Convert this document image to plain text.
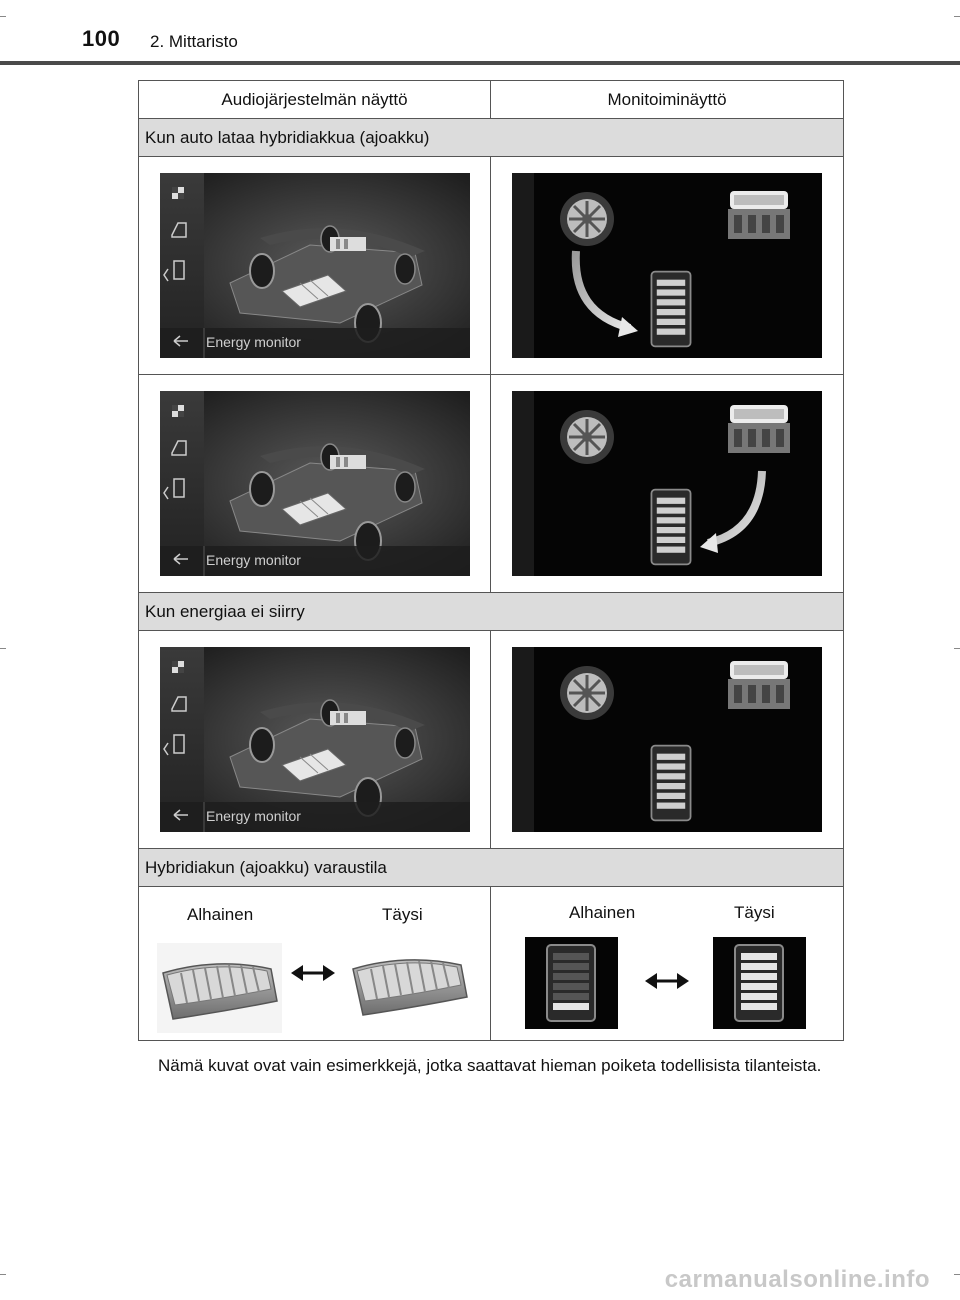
100 2. Mittaristo
Audiojärjestelmän näyttö	Monitoiminäyttö
Kun auto lataa hybridiakkua (ajoakku)	

Energy monitor

Energy monitor

Kun energiaa ei siirry	

Energy monitor

Hybridiakun (ajoakku) varaustila	

Alhainen Täysi	Alhainen Täysi

Nämä kuvat ovat vain esimerkkejä, jotka saattavat hieman poiketa todellisista tilanteista.

carmanualsonline.info
